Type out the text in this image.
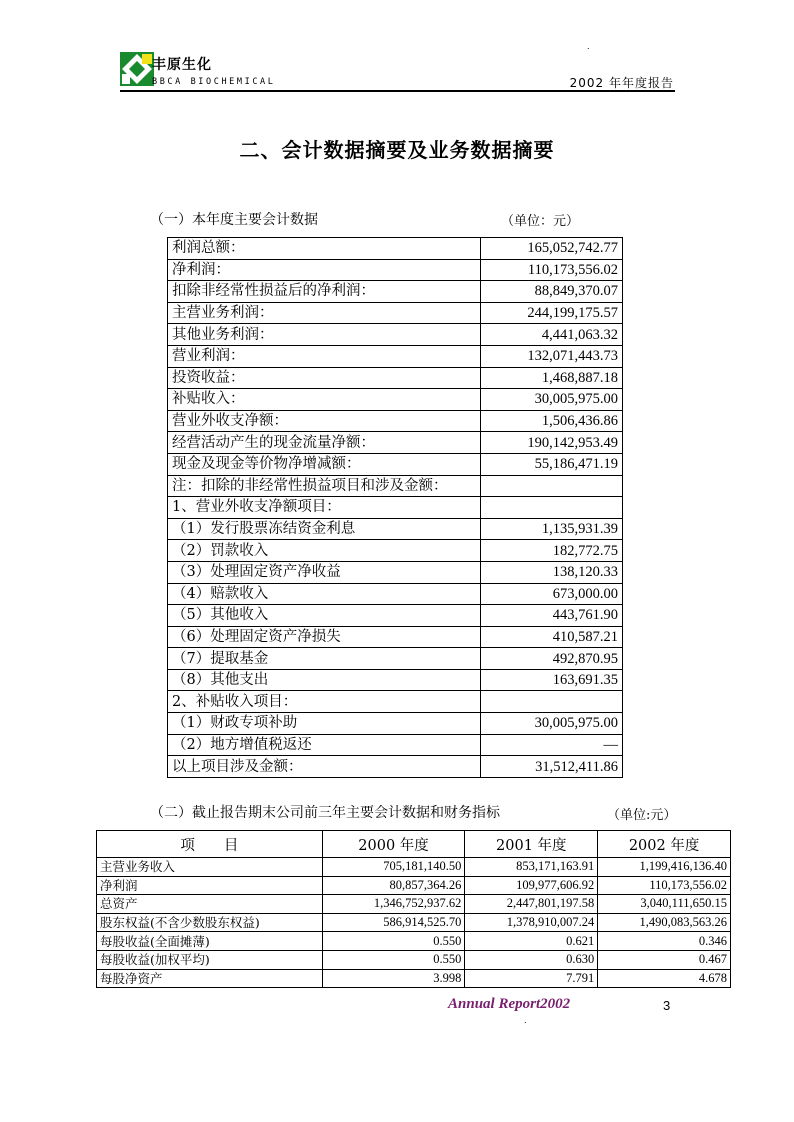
.
丰原生化
BBCA BIOCHEMICAL	2002 年年度报告
二、会计数据摘要及业务数据摘要
（一）本年度主要会计数据	（单位：元）
利润总额：	165,052,742.77
净利润：	110,173,556.02
扣除非经常性损益后的净利润：	88,849,370.07
主营业务利润：	244,199,175.57
其他业务利润：	4,441,063.32
营业利润：	132,071,443.73
投资收益：	1,468,887.18
补贴收入：	30,005,975.00
营业外收支净额：	1,506,436.86
经营活动产生的现金流量净额：	190,142,953.49
现金及现金等价物净增减额：	55,186,471.19
注：扣除的非经常性损益项目和涉及金额：	
1、营业外收支净额项目：	
（1）发行股票冻结资金利息	1,135,931.39
（2）罚款收入	182,772.75
（3）处理固定资产净收益	138,120.33
（4）赔款收入	673,000.00
（5）其他收入	443,761.90
（6）处理固定资产净损失	410,587.21
（7）提取基金	492,870.95
（8）其他支出	163,691.35
2、补贴收入项目：	
（1）财政专项补助	30,005,975.00
（2）地方增值税返还	—
以上项目涉及金额：	31,512,411.86
（二）截止报告期末公司前三年主要会计数据和财务指标	（单位:元）
项　　目	2000 年度	2001 年度	2002 年度
主营业务收入	705,181,140.50	853,171,163.91	1,199,416,136.40
净利润	80,857,364.26	109,977,606.92	110,173,556.02
总资产	1,346,752,937.62	2,447,801,197.58	3,040,111,650.15
股东权益(不含少数股东权益)	586,914,525.70	1,378,910,007.24	1,490,083,563.26
每股收益(全面摊薄)	0.550	0.621	0.346
每股收益(加权平均)	0.550	0.630	0.467
每股净资产	3.998	7.791	4.678
Annual Report2002	3
.
